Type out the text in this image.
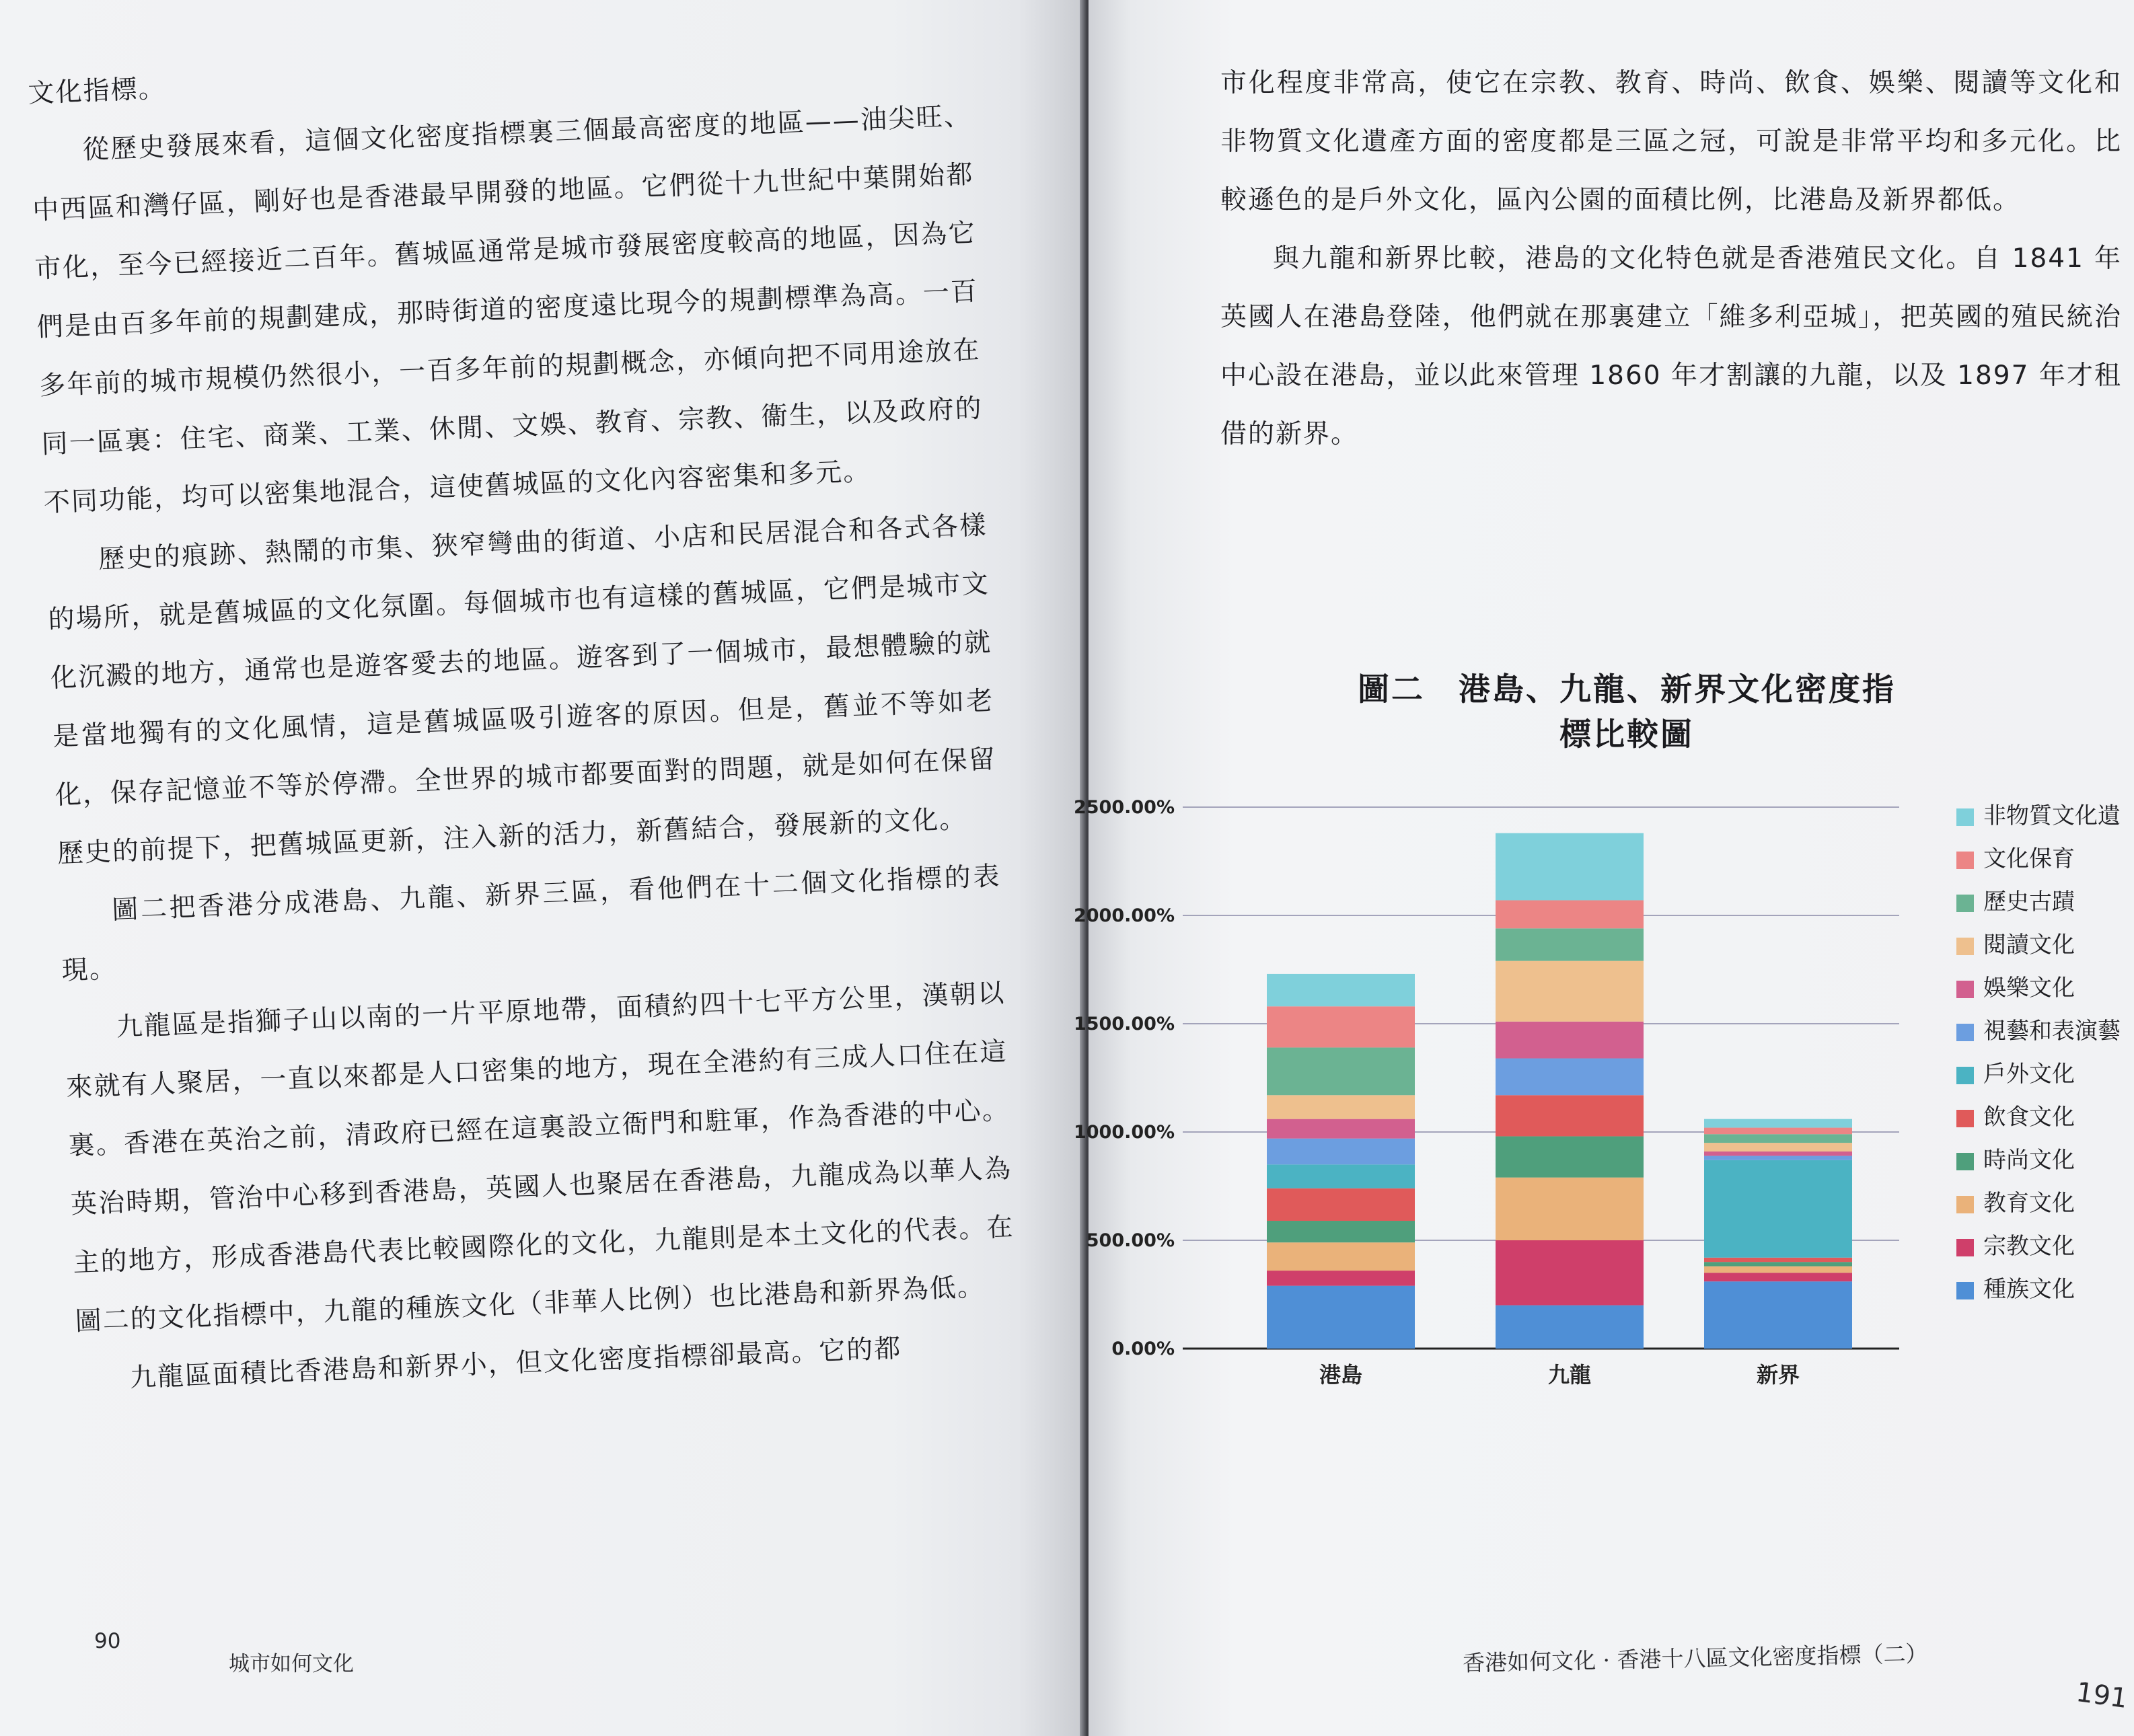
文化指標。

從歷史發展來看，這個文化密度指標裏三個最高密度的地區——油尖旺、中西區和灣仔區，剛好也是香港最早開發的地區。它們從十九世紀中葉開始都市化，至今已經接近二百年。舊城區通常是城市發展密度較高的地區，因為它們是由百多年前的規劃建成，那時街道的密度遠比現今的規劃標準為高。一百多年前的城市規模仍然很小，一百多年前的規劃概念，亦傾向把不同用途放在同一區裏：住宅、商業、工業、休閒、文娛、教育、宗教、衞生，以及政府的不同功能，均可以密集地混合，這使舊城區的文化內容密集和多元。

歷史的痕跡、熱鬧的市集、狹窄彎曲的街道、小店和民居混合和各式各樣的場所，就是舊城區的文化氛圍。每個城市也有這樣的舊城區，它們是城市文化沉澱的地方，通常也是遊客愛去的地區。遊客到了一個城市，最想體驗的就是當地獨有的文化風情，這是舊城區吸引遊客的原因。但是，舊並不等如老化，保存記憶並不等於停滯。全世界的城市都要面對的問題，就是如何在保留歷史的前提下，把舊城區更新，注入新的活力，新舊結合，發展新的文化。

圖二把香港分成港島、九龍、新界三區，看他們在十二個文化指標的表現。

九龍區是指獅子山以南的一片平原地帶，面積約四十七平方公里，漢朝以來就有人聚居，一直以來都是人口密集的地方，現在全港約有三成人口住在這裏。香港在英治之前，清政府已經在這裏設立衙門和駐軍，作為香港的中心。英治時期，管治中心移到香港島，英國人也聚居在香港島，九龍成為以華人為主的地方，形成香港島代表比較國際化的文化，九龍則是本土文化的代表。在圖二的文化指標中，九龍的種族文化（非華人比例）也比港島和新界為低。

九龍區面積比香港島和新界小，但文化密度指標卻最高。它的都

90
城市如何文化

市化程度非常高，使它在宗教、教育、時尚、飲食、娛樂、閱讀等文化和非物質文化遺產方面的密度都是三區之冠，可說是非常平均和多元化。比較遜色的是戶外文化，區內公園的面積比例，比港島及新界都低。

與九龍和新界比較，港島的文化特色就是香港殖民文化。自 1841 年英國人在港島登陸，他們就在那裏建立「維多利亞城」，把英國的殖民統治中心設在港島，並以此來管理 1860 年才割讓的九龍，以及 1897 年才租借的新界。

圖二　港島、九龍、新界文化密度指標比較圖
0.00%
500.00%
1000.00%
1500.00%
2000.00%
2500.00%
港島	九龍	新界
非物質文化遺
文化保育
歷史古蹟
閱讀文化
娛樂文化
視藝和表演藝
戶外文化
飲食文化
時尚文化
教育文化
宗教文化
種族文化
香港如何文化 · 香港十八區文化密度指標（二）
191
